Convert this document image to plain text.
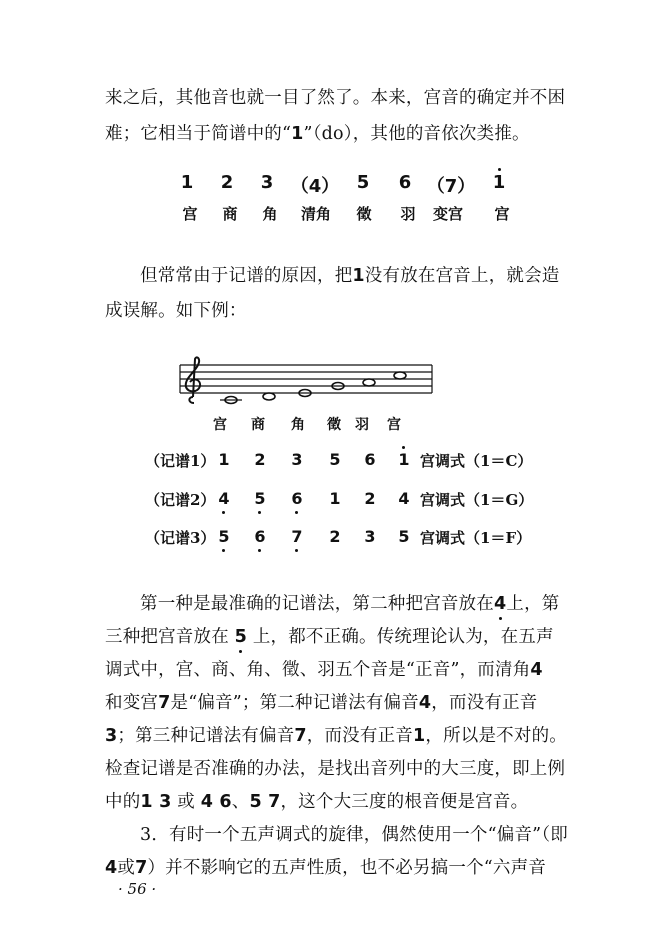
来之后，其他音也就一目了然了。本来，宫音的确定并不困
难；它相当于简谱中的“1”（do），其他的音依次类推。
1 2 3 （4） 5 6 （7） 1
宫 商 角	清角	徵 羽	变宫	宫
但常常由于记谱的原因，把1没有放在宫音上，就会造
成误解。如下例：
宫 商 角 徵 羽 宫
（记谱1） 1 2 3 5 6 1 宫调式（1＝C）
（记谱2） 4 5 6 1 2 4 宫调式（1＝G）
（记谱3） 5 6 7 2 3 5 宫调式（1＝F）
第一种是最准确的记谱法，第二种把宫音放在4上，第
三种把宫音放在 5 上，都不正确。传统理论认为，在五声
调式中，宫、商、角、徵、羽五个音是“正音”，而清角4
和变宫7是“偏音”；第二种记谱法有偏音4，而没有正音
3；第三种记谱法有偏音7，而没有正音1，所以是不对的。
检查记谱是否准确的办法，是找出音列中的大三度，即上例
中的1 3 或 4 6、5 7，这个大三度的根音便是宫音。
3．有时一个五声调式的旋律，偶然使用一个“偏音”（即
4或7）并不影响它的五声性质，也不必另搞一个“六声音
· 56 ·
